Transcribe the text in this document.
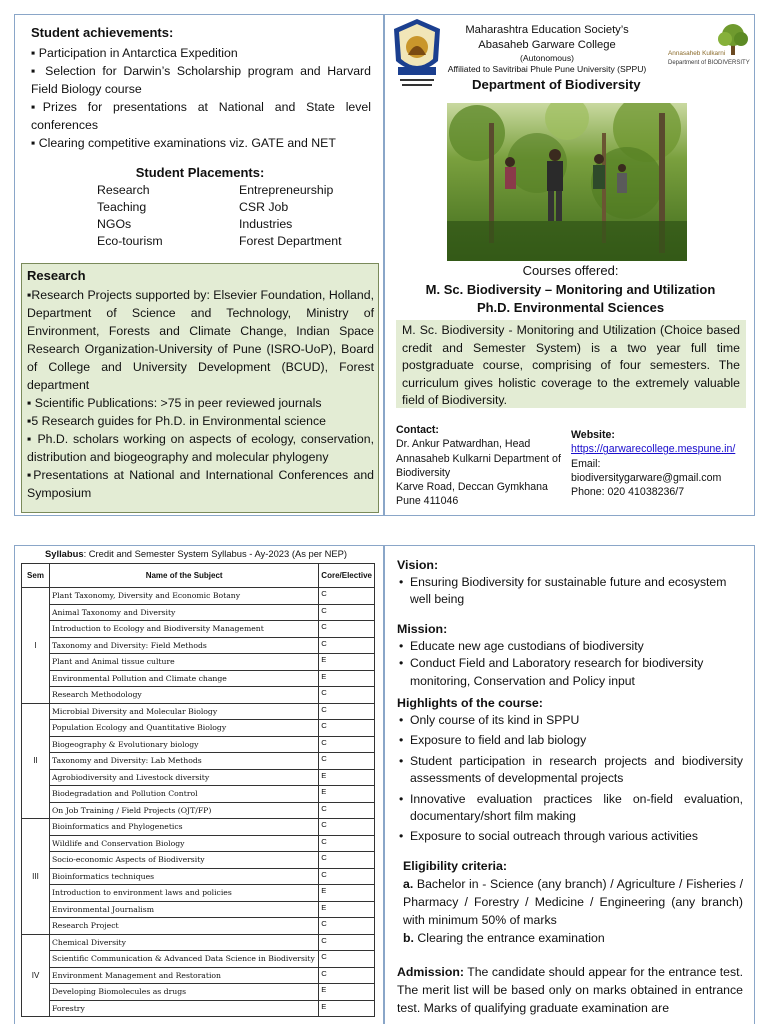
Student achievements:
▪ Participation in Antarctica Expedition
▪ Selection for Darwin’s Scholarship program and Harvard Field Biology course
▪Prizes for presentations at National and State level conferences
▪ Clearing competitive examinations viz. GATE and NET
Student Placements:
Research	Entrepreneurship
Teaching	CSR Job
NGOs	Industries
Eco-tourism	Forest Department
Research
▪Research Projects supported by: Elsevier Foundation, Holland, Department of Science and Technology, Ministry of Environment, Forests and Climate Change, Indian Space Research Organization-University of Pune (ISRO-UoP), Board of College and University Development (BCUD), Forest department
▪ Scientific Publications: >75 in peer reviewed journals
▪5 Research guides for Ph.D. in Environmental science
▪ Ph.D. scholars working on aspects of ecology, conservation, distribution and biogeography and molecular phylogeny
▪Presentations at National and International Conferences and Symposium
Maharashtra Education Society’s
Abasaheb Garware College
(Autonomous)
Affiliated to Savitribai Phule Pune University (SPPU)
Annasaheb Kulkarni
Department of BIODIVERSITY
Department of Biodiversity
Courses offered:
M. Sc. Biodiversity – Monitoring and Utilization
Ph.D. Environmental Sciences
M. Sc. Biodiversity - Monitoring and Utilization (Choice based credit and Semester System) is a two year full time postgraduate course, comprising of four semesters. The curriculum gives holistic coverage to the extremely valuable field of Biodiversity.
Contact:
Dr. Ankur Patwardhan, Head
Annasaheb Kulkarni Department of Biodiversity
Karve Road, Deccan Gymkhana
Pune 411046
Website:
https://garwarecollege.mespune.in/
Email:
biodiversitygarware@gmail.com
Phone: 020 41038236/7
Syllabus: Credit and Semester System Syllabus - Ay-2023 (As per NEP)
Sem	Name of the Subject	Core/Elective
I	Plant Taxonomy, Diversity and Economic Botany	C
	Animal Taxonomy and Diversity	C
	Introduction to Ecology and Biodiversity Management	C
	Taxonomy and Diversity: Field Methods	C
	Plant and Animal tissue culture	E
	Environmental Pollution and Climate change	E
	Research Methodology	C
II	Microbial Diversity and Molecular Biology	C
	Population Ecology and Quantitative Biology	C
	Biogeography & Evolutionary biology	C
	Taxonomy and Diversity: Lab Methods	C
	Agrobiodiversity and Livestock diversity	E
	Biodegradation and Pollution Control	E
	On Job Training / Field Projects (OJT/FP)	C
III	Bioinformatics and Phylogenetics	C
	Wildlife and Conservation Biology	C
	Socio-economic Aspects of Biodiversity	C
	Bioinformatics techniques	C
	Introduction to environment laws and policies	E
	Environmental Journalism	E
	Research Project	C
IV	Chemical Diversity	C
	Scientific Communication & Advanced Data Science in Biodiversity	C
	Environment Management and Restoration	C
	Developing Biomolecules as drugs	E
	Forestry	E
Vision:
• Ensuring Biodiversity for sustainable future and ecosystem well being
Mission:
• Educate new age custodians of biodiversity
• Conduct Field and Laboratory research for biodiversity monitoring, Conservation and Policy input
Highlights of the course:
• Only course of its kind in SPPU
• Exposure to field and lab biology
• Student participation in research projects and biodiversity assessments of developmental projects
• Innovative evaluation practices like on-field evaluation, documentary/short film making
• Exposure to social outreach through various activities
Eligibility criteria:
a. Bachelor in - Science (any branch) / Agriculture / Fisheries / Pharmacy / Forestry / Medicine / Engineering (any branch) with minimum 50% of marks
b. Clearing the entrance examination
Admission: The candidate should appear for the entrance test. The merit list will be based only on marks obtained in entrance test. Marks of qualifying graduate examination are
